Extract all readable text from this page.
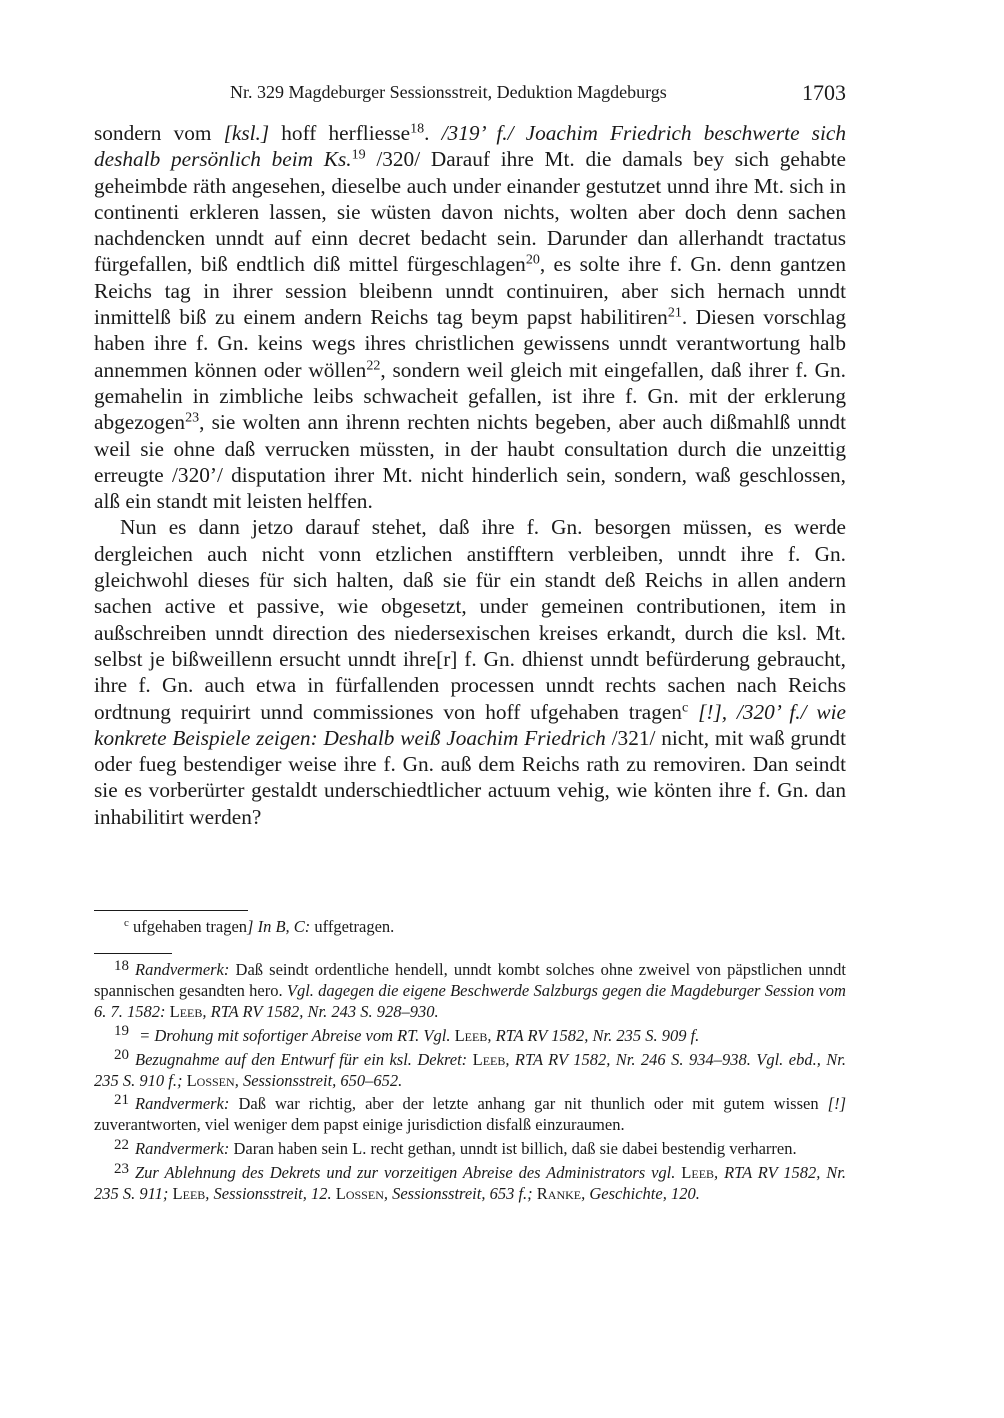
Nr. 329 Magdeburger Sessionsstreit, Deduktion Magdeburgs	1703

sondern vom [ksl.] hoff herfliesse$^{18}$. /319’ f./ Joachim Friedrich beschwerte sich deshalb persönlich beim Ks.$^{19}$ /320/ Darauf ihre Mt. die damals bey sich gehabte geheimbde räth angesehen, dieselbe auch under einander gestutzet unnd ihre Mt. sich in continenti erkleren lassen, sie wüsten davon nichts, wolten aber doch denn sachen nachdencken unndt auf einn decret bedacht sein. Darunder dan allerhandt tractatus fürgefallen, biß endtlich diß mittel fürgeschlagen$^{20}$, es solte ihre f. Gn. denn gantzen Reichs tag in ihrer session bleibenn unndt continuiren, aber sich hernach unndt inmittelß biß zu einem andern Reichs tag beym papst habilitiren$^{21}$. Diesen vorschlag haben ihre f. Gn. keins wegs ihres christlichen gewissens unndt verantwortung halb annemmen können oder wöllen$^{22}$, sondern weil gleich mit eingefallen, daß ihrer f. Gn. gemahelin in zimbliche leibs schwacheit gefallen, ist ihre f. Gn. mit der erklerung abgezogen$^{23}$, sie wolten ann ihrenn rechten nichts begeben, aber auch dißmahlß unndt weil sie ohne daß verrucken müssten, in der haubt consultation durch die unzeittig erreugte /320’/ disputation ihrer Mt. nicht hinderlich sein, sondern, waß geschlossen, alß ein standt mit leisten helffen.

Nun es dann jetzo darauf stehet, daß ihre f. Gn. besorgen müssen, es werde dergleichen auch nicht vonn etzlichen anstifftern verbleiben, unndt ihre f. Gn. gleichwohl dieses für sich halten, daß sie für ein standt deß Reichs in allen andern sachen active et passive, wie obgesetzt, under gemeinen contributionen, item in außschreiben unndt direction des niedersexischen kreises erkandt, durch die ksl. Mt. selbst je bißweillenn ersucht unndt ihre[r] f. Gn. dhienst unndt befürderung gebraucht, ihre f. Gn. auch etwa in fürfallenden processen unndt rechts sachen nach Reichs ordtnung requirirt unnd commissiones von hoff ufgehaben tragen$^c$ [!], /320’ f./ wie konkrete Beispiele zeigen: Deshalb weiß Joachim Friedrich /321/ nicht, mit waß grundt oder fueg bestendiger weise ihre f. Gn. auß dem Reichs rath zu removiren. Dan seindt sie es vorberürter gestaldt underschiedtlicher actuum vehig, wie könten ihre f. Gn. dan inhabilitirt werden?

$^c$ ufgehaben tragen] In B, C: uffgetragen.

18 Randvermerk: Daß seindt ordentliche hendell, unndt kombt solches ohne zweivel von päpstlichen unndt spannischen gesandten hero. Vgl. dagegen die eigene Beschwerde Salzburgs gegen die Magdeburger Session vom 6. 7. 1582: Leeb, RTA RV 1582, Nr. 243 S. 928–930.

19 = Drohung mit sofortiger Abreise vom RT. Vgl. Leeb, RTA RV 1582, Nr. 235 S. 909 f.

20 Bezugnahme auf den Entwurf für ein ksl. Dekret: Leeb, RTA RV 1582, Nr. 246 S. 934–938. Vgl. ebd., Nr. 235 S. 910 f.; Lossen, Sessionsstreit, 650–652.

21 Randvermerk: Daß war richtig, aber der letzte anhang gar nit thunlich oder mit gutem wissen [!] zuverantworten, viel weniger dem papst einige jurisdiction disfalß einzuraumen.

22 Randvermerk: Daran haben sein L. recht gethan, unndt ist billich, daß sie dabei bestendig verharren.

23 Zur Ablehnung des Dekrets und zur vorzeitigen Abreise des Administrators vgl. Leeb, RTA RV 1582, Nr. 235 S. 911; Leeb, Sessionsstreit, 12. Lossen, Sessionsstreit, 653 f.; Ranke, Geschichte, 120.
